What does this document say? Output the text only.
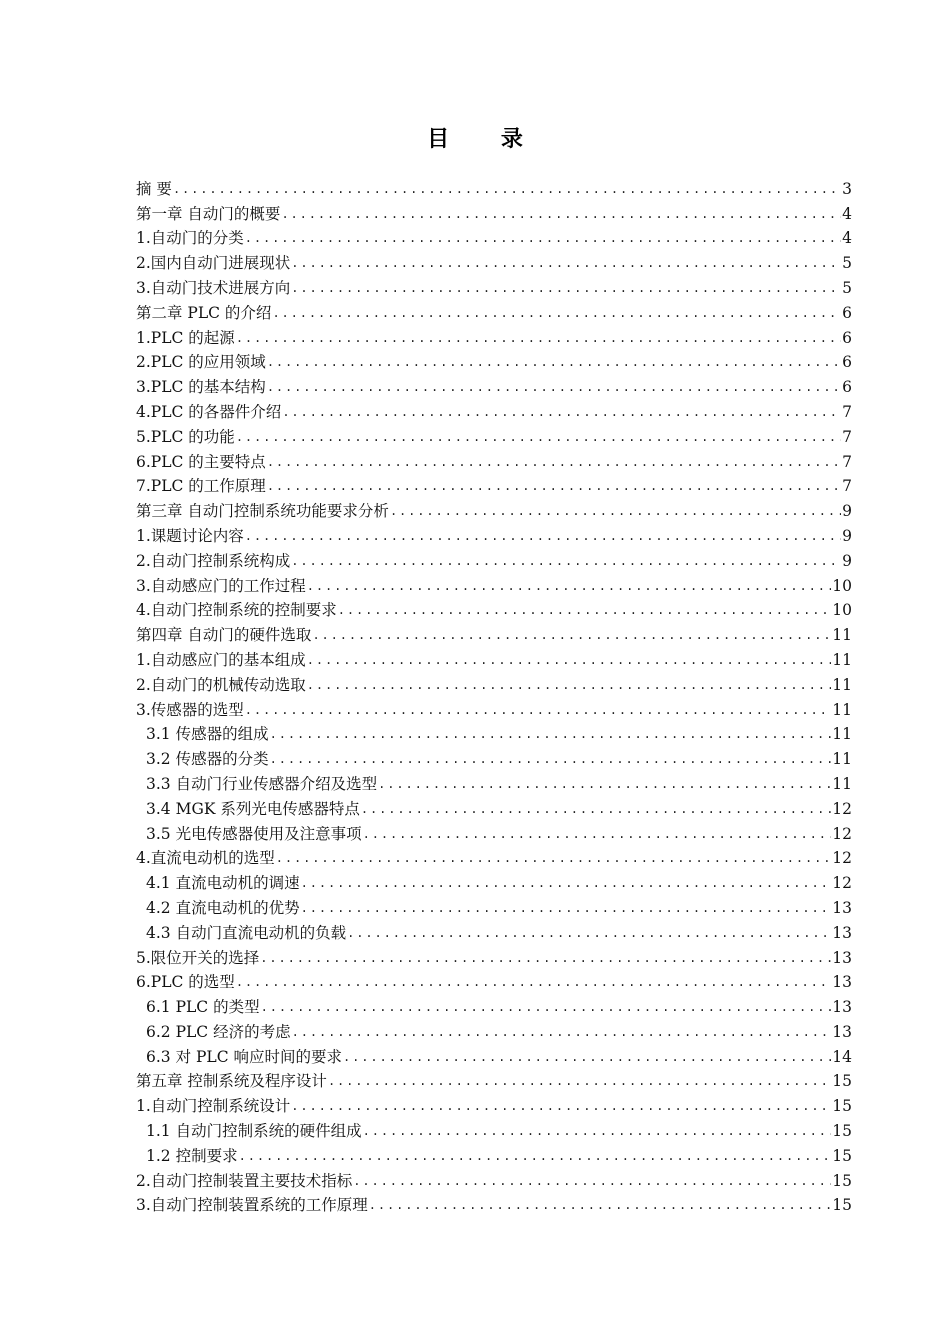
目 录
摘 要 .....	3
第一章 自动门的概要 .....	4
1.自动门的分类 .....	4
2.国内自动门进展现状 .....	5
3.自动门技术进展方向 .....	5
第二章 PLC 的介绍 .....	6
1.PLC 的起源 .....	6
2.PLC 的应用领域 .....	6
3.PLC 的基本结构 .....	6
4.PLC 的各器件介绍 .....	7
5.PLC 的功能 .....	7
6.PLC 的主要特点 .....	7
7.PLC 的工作原理 .....	7
第三章 自动门控制系统功能要求分析 .....	9
1.课题讨论内容 .....	9
2.自动门控制系统构成 .....	9
3.自动感应门的工作过程 .....	10
4.自动门控制系统的控制要求 .....	10
第四章 自动门的硬件选取 .....	11
1.自动感应门的基本组成 .....	11
2.自动门的机械传动选取 .....	11
3.传感器的选型 .....	11
3.1 传感器的组成 .....	11
3.2 传感器的分类 .....	11
3.3 自动门行业传感器介绍及选型 .....	11
3.4 MGK 系列光电传感器特点 .....	12
3.5 光电传感器使用及注意事项 .....	12
4.直流电动机的选型 .....	12
4.1 直流电动机的调速 .....	12
4.2 直流电动机的优势 .....	13
4.3 自动门直流电动机的负载 .....	13
5.限位开关的选择 .....	13
6.PLC 的选型 .....	13
6.1 PLC 的类型 .....	13
6.2 PLC 经济的考虑 .....	13
6.3 对 PLC 响应时间的要求 .....	14
第五章 控制系统及程序设计 .....	15
1.自动门控制系统设计 .....	15
1.1 自动门控制系统的硬件组成 .....	15
1.2 控制要求 .....	15
2.自动门控制装置主要技术指标 .....	15
3.自动门控制装置系统的工作原理 .....	15
